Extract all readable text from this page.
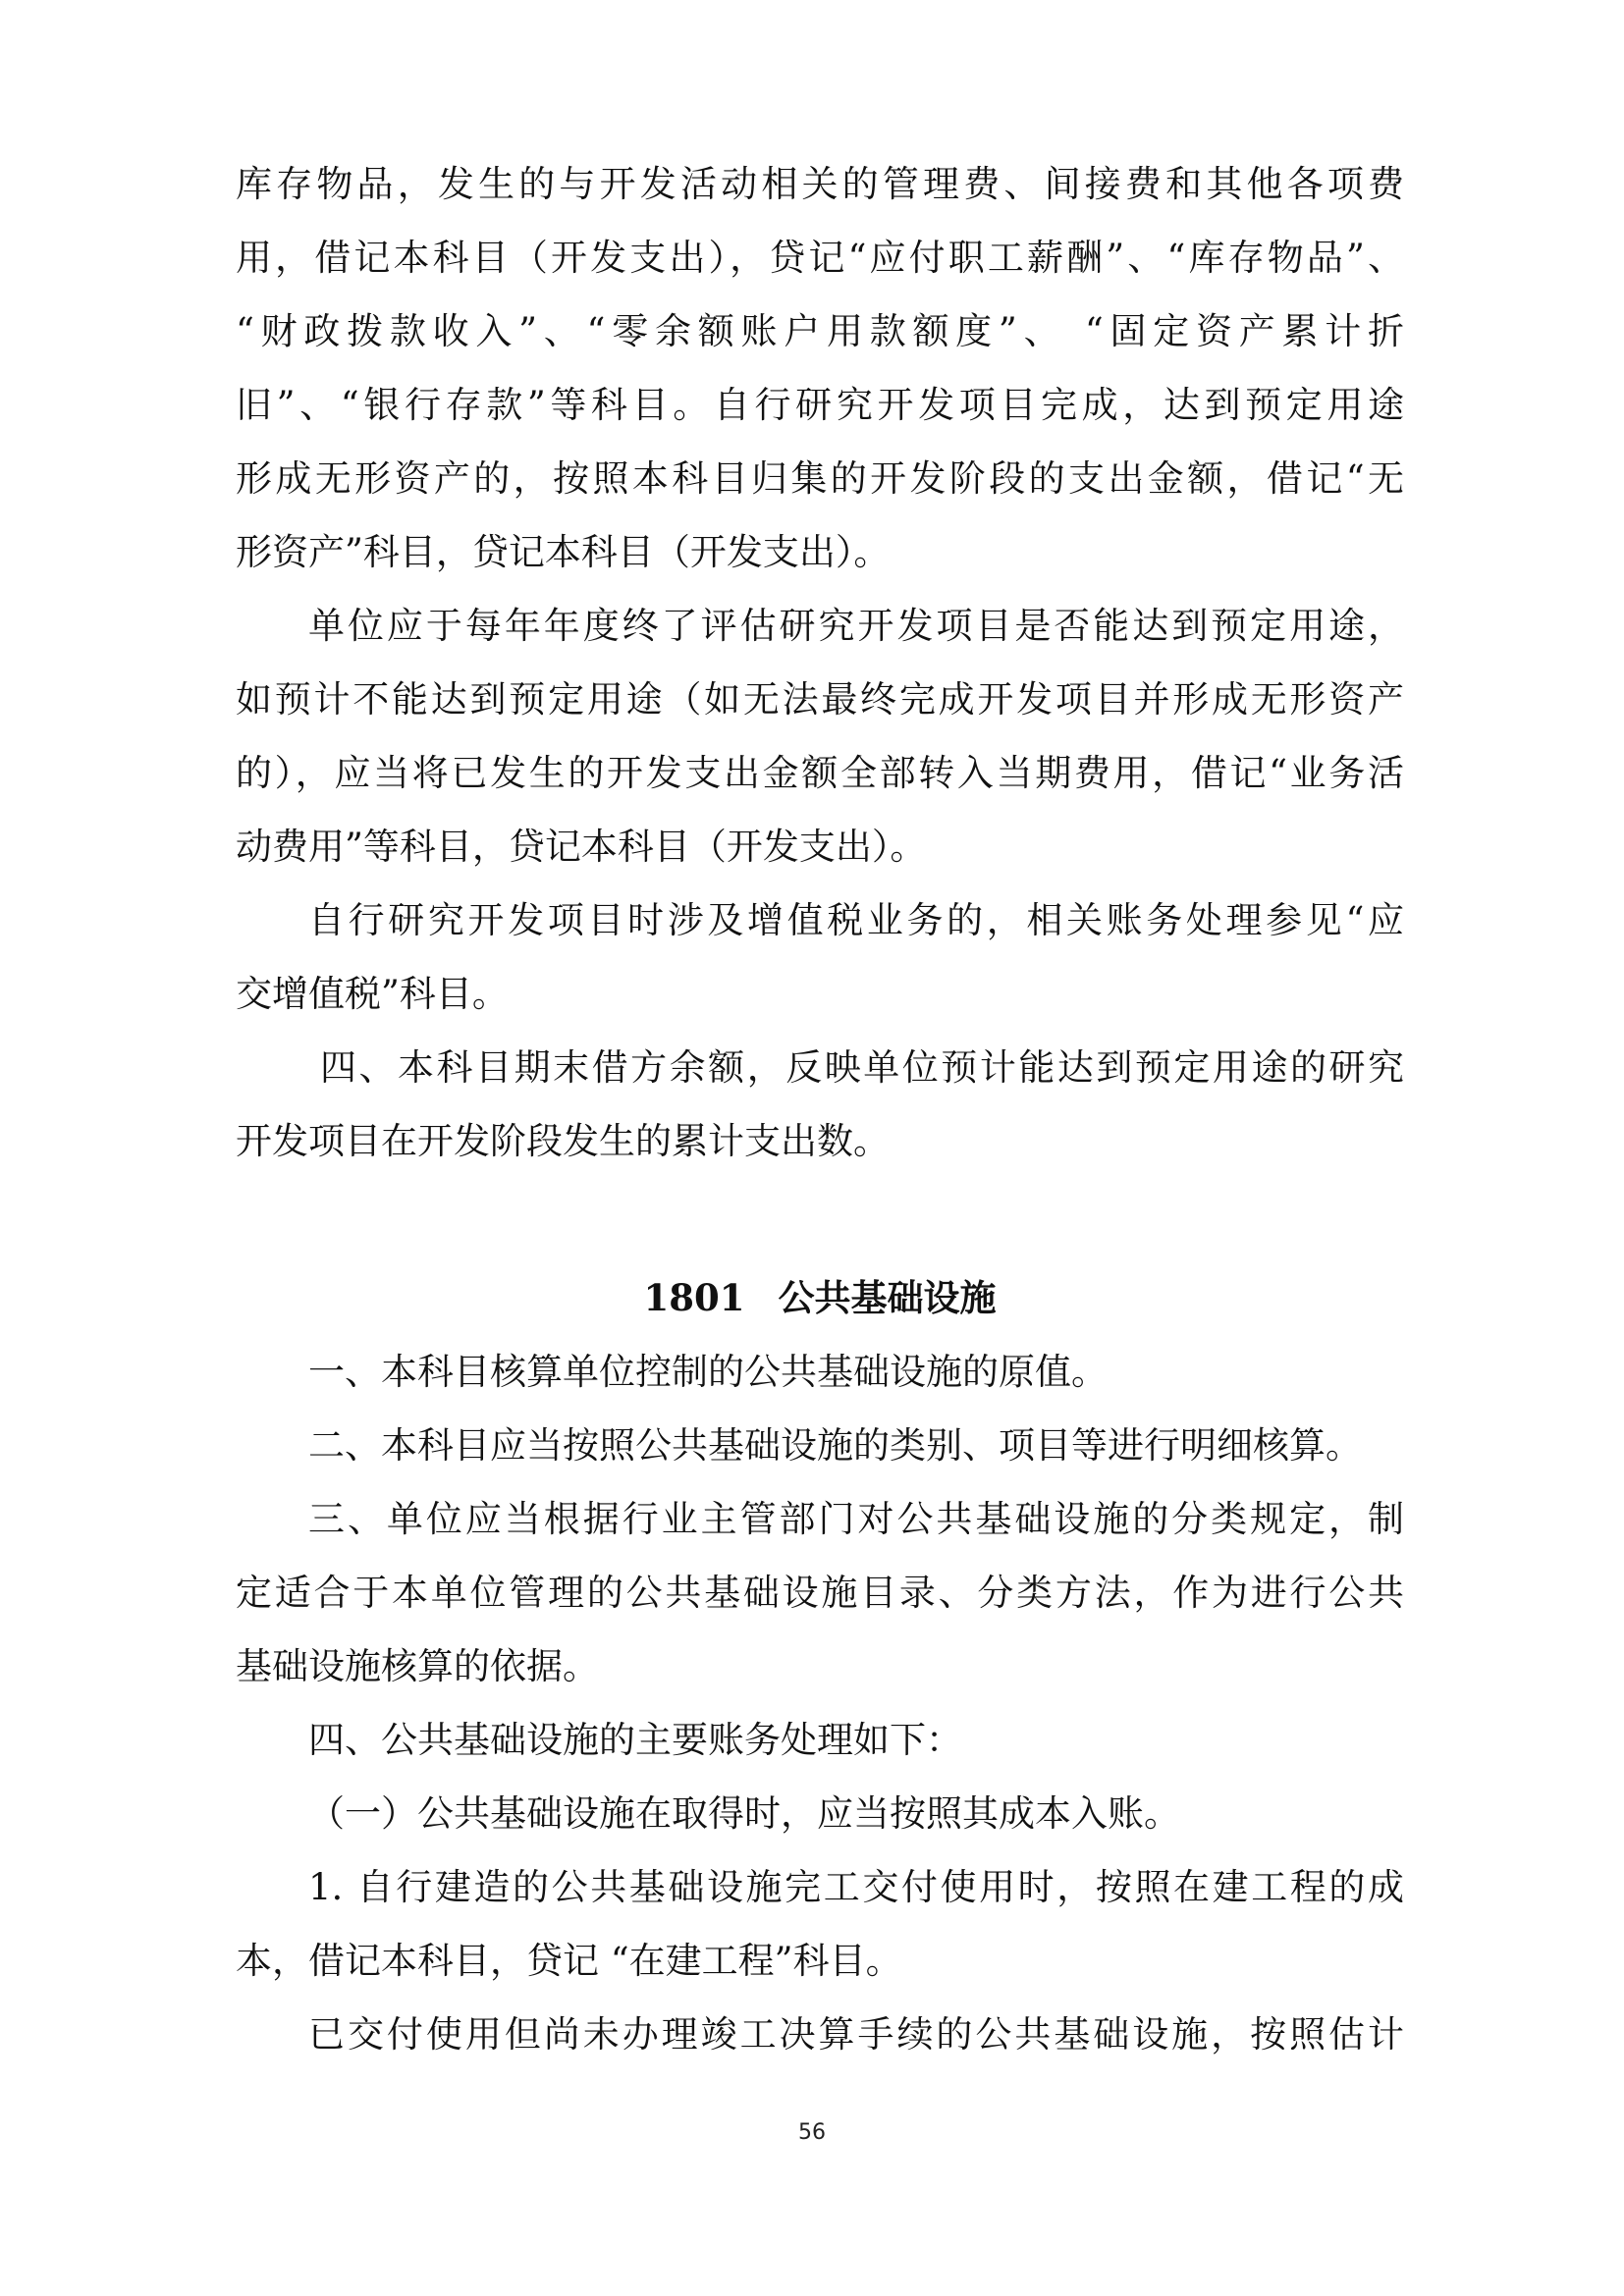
库存物品，发生的与开发活动相关的管理费、间接费和其他各项费
用，借记本科目（开发支出），贷记“应付职工薪酬”、“库存物品”、
“财政拨款收入”、“零余额账户用款额度”、 “固定资产累计折
旧”、“银行存款”等科目。自行研究开发项目完成，达到预定用途
形成无形资产的，按照本科目归集的开发阶段的支出金额，借记“无
形资产”科目，贷记本科目（开发支出）。
单位应于每年年度终了评估研究开发项目是否能达到预定用途，
如预计不能达到预定用途（如无法最终完成开发项目并形成无形资产
的），应当将已发生的开发支出金额全部转入当期费用，借记“业务活
动费用”等科目，贷记本科目（开发支出）。
自行研究开发项目时涉及增值税业务的，相关账务处理参见“应
交增值税”科目。
四、本科目期末借方余额，反映单位预计能达到预定用途的研究
开发项目在开发阶段发生的累计支出数。
1801 公共基础设施
一、本科目核算单位控制的公共基础设施的原值。
二、本科目应当按照公共基础设施的类别、项目等进行明细核算。
三、单位应当根据行业主管部门对公共基础设施的分类规定，制
定适合于本单位管理的公共基础设施目录、分类方法，作为进行公共
基础设施核算的依据。
四、公共基础设施的主要账务处理如下：
（一）公共基础设施在取得时，应当按照其成本入账。
1. 自行建造的公共基础设施完工交付使用时，按照在建工程的成
本，借记本科目，贷记 “在建工程”科目。
已交付使用但尚未办理竣工决算手续的公共基础设施，按照估计
56
